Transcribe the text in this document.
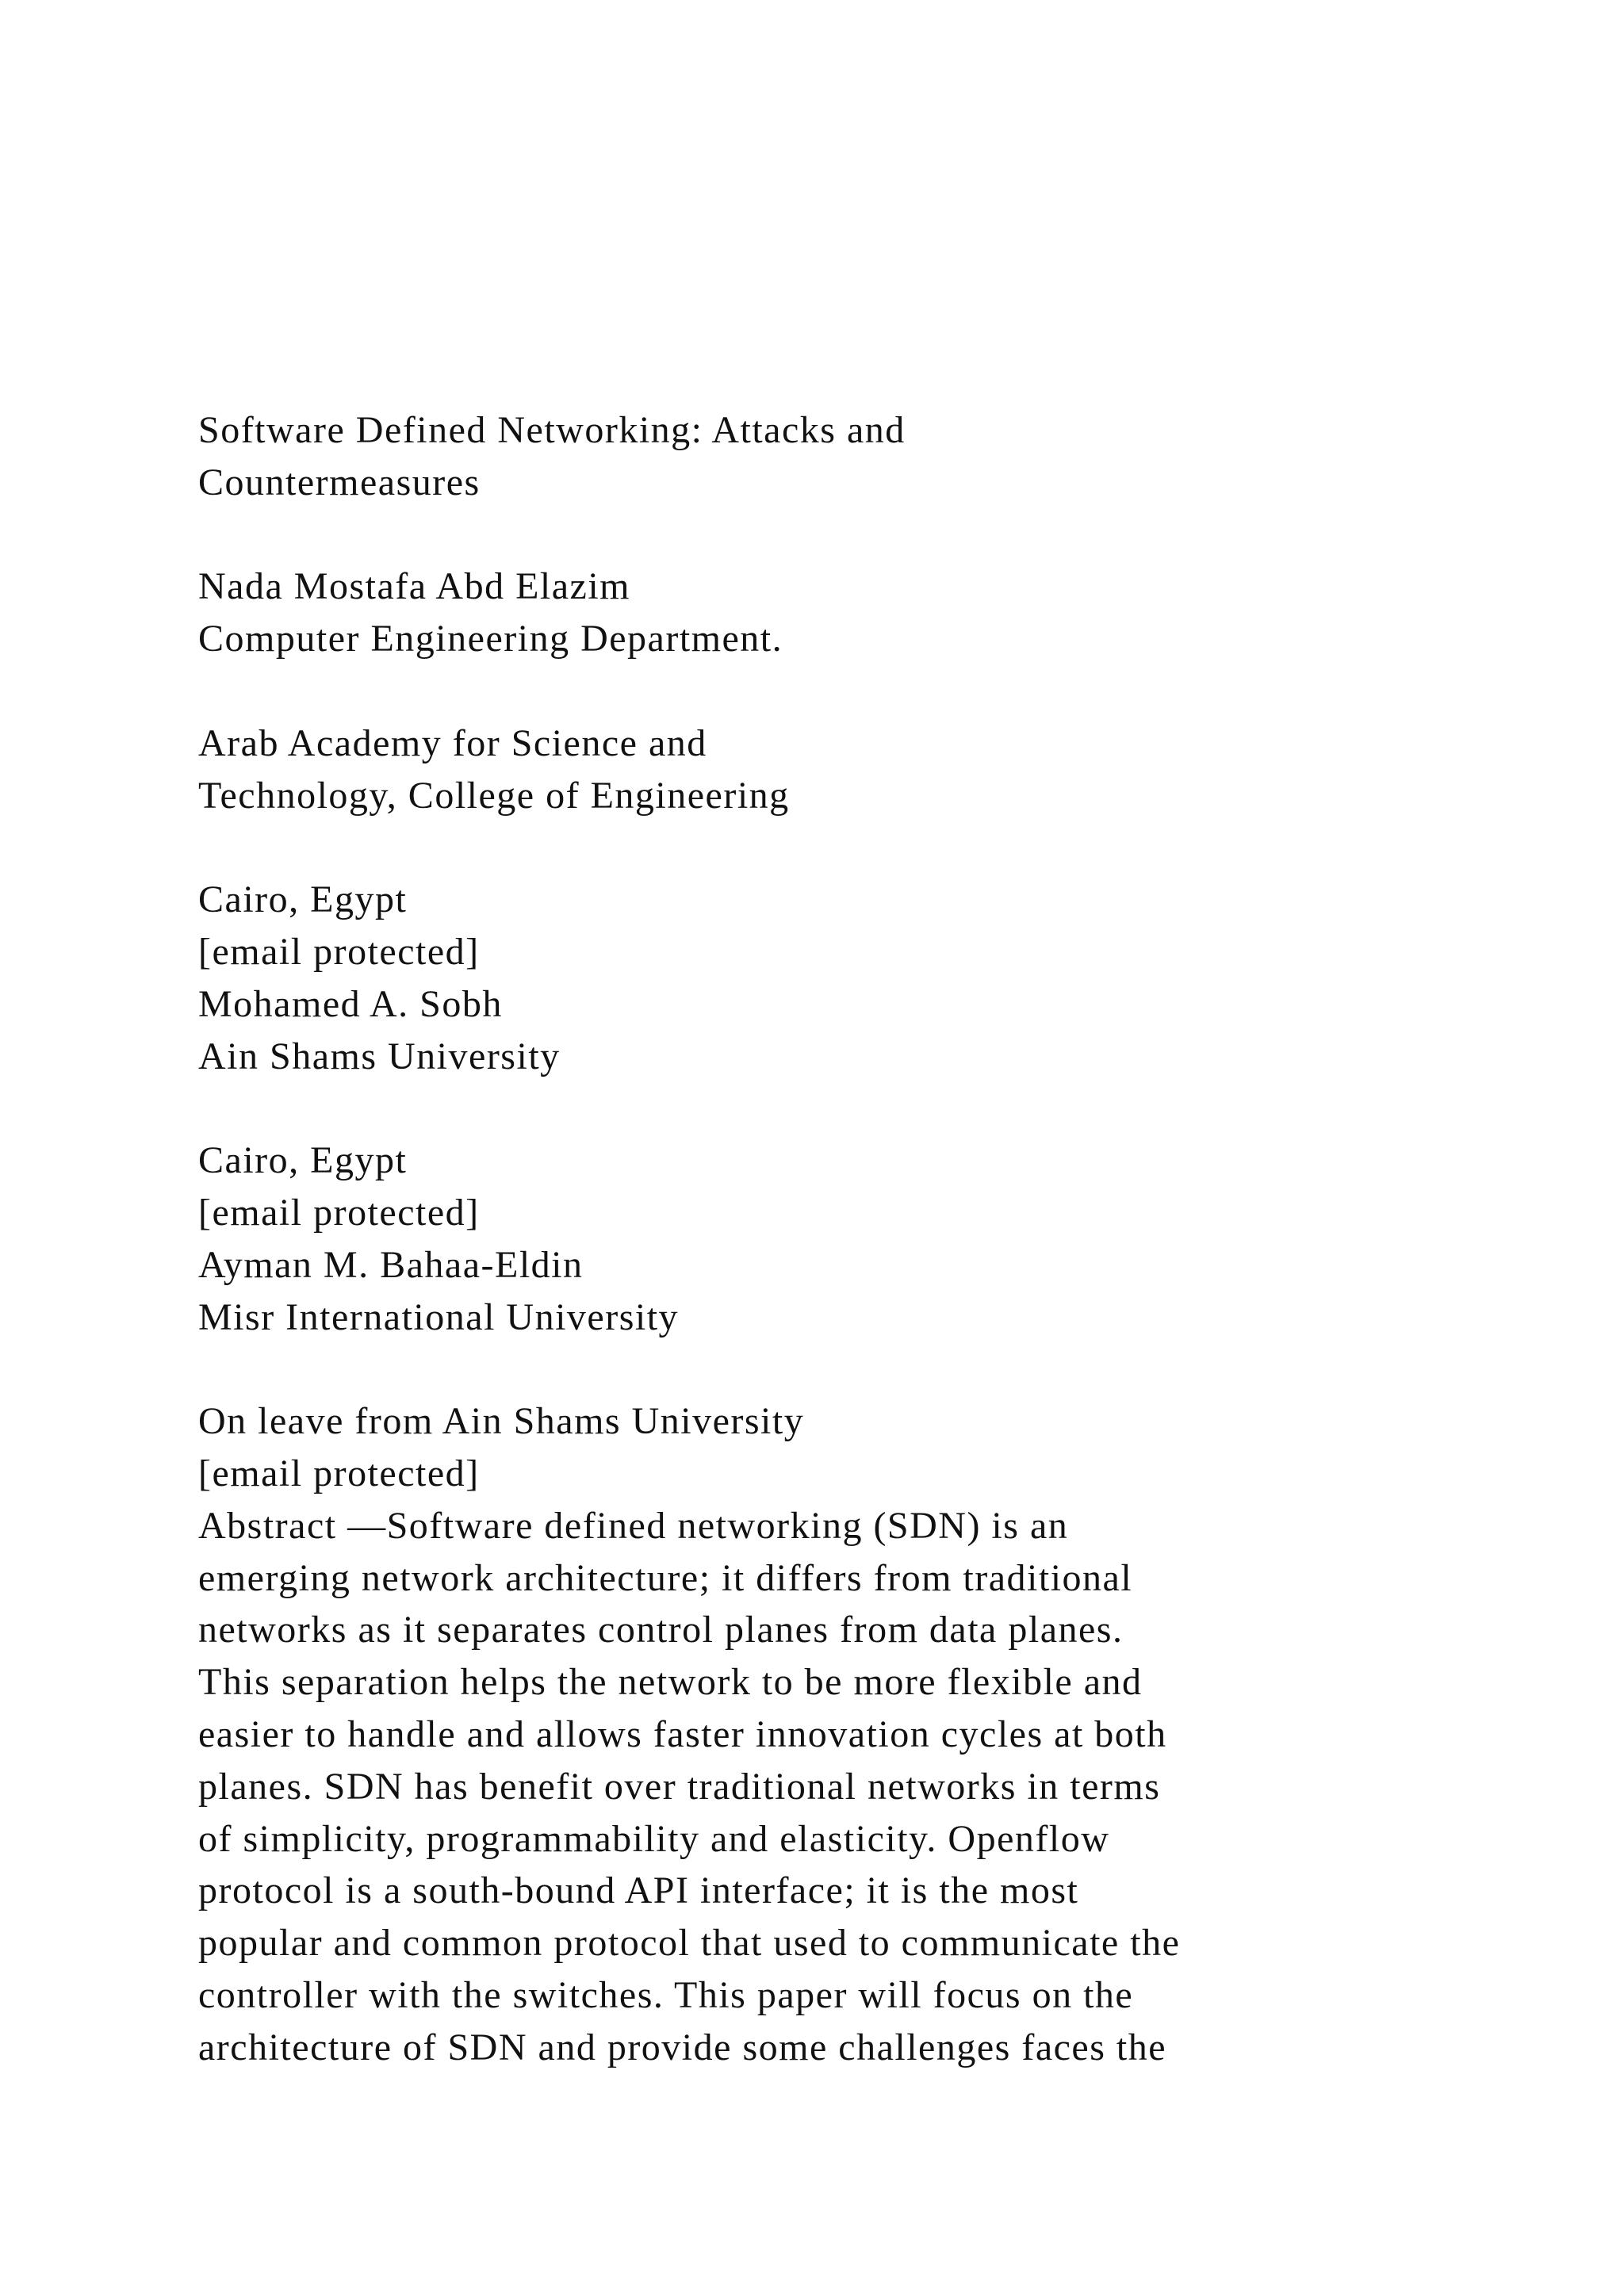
Software Defined Networking: Attacks and
Countermeasures
Nada Mostafa Abd Elazim
Computer Engineering Department.
Arab Academy for Science and
Technology, College of Engineering
Cairo, Egypt
[email protected]
Mohamed A. Sobh
Ain Shams University
Cairo, Egypt
[email protected]
Ayman M. Bahaa-Eldin
Misr International University
On leave from Ain Shams University
[email protected]
Abstract —Software defined networking (SDN) is an
emerging network architecture; it differs from traditional
networks as it separates control planes from data planes.
This separation helps the network to be more flexible and
easier to handle and allows faster innovation cycles at both
planes. SDN has benefit over traditional networks in terms
of simplicity, programmability and elasticity. Openflow
protocol is a south-bound API interface; it is the most
popular and common protocol that used to communicate the
controller with the switches. This paper will focus on the
architecture of SDN and provide some challenges faces the
